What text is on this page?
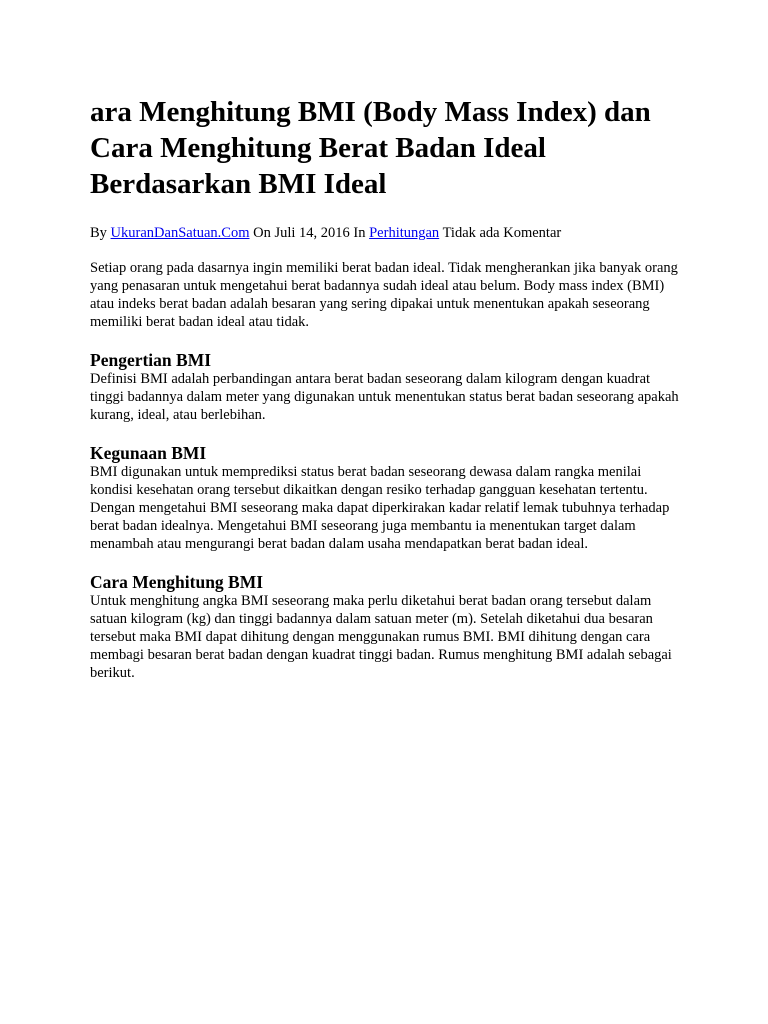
ara Menghitung BMI (Body Mass Index) dan Cara Menghitung Berat Badan Ideal Berdasarkan BMI Ideal
By UkuranDanSatuan.Com On Juli 14, 2016 In Perhitungan Tidak ada Komentar

Setiap orang pada dasarnya ingin memiliki berat badan ideal. Tidak mengherankan jika banyak orang yang penasaran untuk mengetahui berat badannya sudah ideal atau belum. Body mass index (BMI) atau indeks berat badan adalah besaran yang sering dipakai untuk menentukan apakah seseorang memiliki berat badan ideal atau tidak.

Pengertian BMI

Definisi BMI adalah perbandingan antara berat badan seseorang dalam kilogram dengan kuadrat tinggi badannya dalam meter yang digunakan untuk menentukan status berat badan seseorang apakah kurang, ideal, atau berlebihan.

Kegunaan BMI

BMI digunakan untuk memprediksi status berat badan seseorang dewasa dalam rangka menilai kondisi kesehatan orang tersebut dikaitkan dengan resiko terhadap gangguan kesehatan tertentu. Dengan mengetahui BMI seseorang maka dapat diperkirakan kadar relatif lemak tubuhnya terhadap berat badan idealnya. Mengetahui BMI seseorang juga membantu ia menentukan target dalam menambah atau mengurangi berat badan dalam usaha mendapatkan berat badan ideal.

Cara Menghitung BMI

Untuk menghitung angka BMI seseorang maka perlu diketahui berat badan orang tersebut dalam satuan kilogram (kg) dan tinggi badannya dalam satuan meter (m). Setelah diketahui dua besaran tersebut maka BMI dapat dihitung dengan menggunakan rumus BMI. BMI dihitung dengan cara membagi besaran berat badan dengan kuadrat tinggi badan. Rumus menghitung BMI adalah sebagai berikut.
